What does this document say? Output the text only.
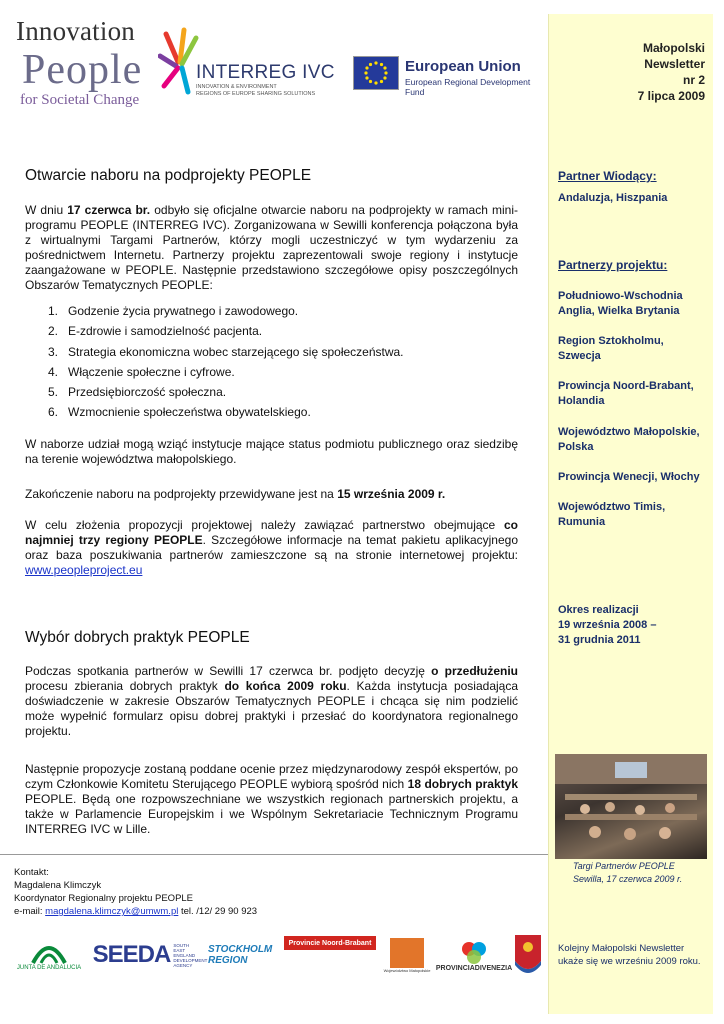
Innovation
People
for Societal Change
INTERREG IVC
INNOVATION & ENVIRONMENT
REGIONS OF EUROPE SHARING SOLUTIONS
European Union
European Regional Development Fund
Małopolski
Newsletter
nr 2
7 lipca 2009
Partner Wiodący:
Andaluzja, Hiszpania
Partnerzy projektu:
Południowo-Wschodnia Anglia, Wielka Brytania
Region Sztokholmu, Szwecja
Prowincja Noord-Brabant, Holandia
Województwo Małopolskie, Polska
Prowincja Wenecji, Włochy
Województwo Timis, Rumunia
Okres realizacji
19 września 2008 –
31 grudnia 2011
Targi Partnerów PEOPLE
Sewilla, 17 czerwca 2009 r.
Kolejny Małopolski Newsletter ukaże się we wrześniu 2009 roku.
Otwarcie naboru na podprojekty PEOPLE

W dniu 17 czerwca br. odbyło się oficjalne otwarcie naboru na podprojekty w ramach mini-programu PEOPLE (INTERREG IVC). Zorganizowana w Sewilli konferencja połączona była z wirtualnymi Targami Partnerów, którzy mogli uczestniczyć w tym wydarzeniu za pośrednictwem Internetu. Partnerzy projektu zaprezentowali swoje regiony i instytucje zaangażowane w PEOPLE. Następnie przedstawiono szczegółowe opisy poszczególnych Obszarów Tematycznych PEOPLE:

1. Godzenie życia prywatnego i zawodowego.
2. E-zdrowie i samodzielność pacjenta.
3. Strategia ekonomiczna wobec starzejącego się społeczeństwa.
4. Włączenie społeczne i cyfrowe.
5. Przedsiębiorczość społeczna.
6. Wzmocnienie społeczeństwa obywatelskiego.

W naborze udział mogą wziąć instytucje mające status podmiotu publicznego oraz siedzibę na terenie województwa małopolskiego.

Zakończenie naboru na podprojekty przewidywane jest na 15 września 2009 r.

W celu złożenia propozycji projektowej należy zawiązać partnerstwo obejmujące co najmniej trzy regiony PEOPLE. Szczegółowe informacje na temat pakietu aplikacyjnego oraz baza poszukiwania partnerów zamieszczone są na stronie internetowej projektu: www.peopleproject.eu

Wybór dobrych praktyk PEOPLE

Podczas spotkania partnerów w Sewilli 17 czerwca br. podjęto decyzję o przedłużeniu procesu zbierania dobrych praktyk do końca 2009 roku. Każda instytucja posiadająca doświadczenie w zakresie Obszarów Tematycznych PEOPLE i chcąca się nim podzielić może wypełnić formularz opisu dobrej praktyki i przesłać do koordynatora regionalnego projektu.

Następnie propozycje zostaną poddane ocenie przez międzynarodowy zespół ekspertów, po czym Członkowie Komitetu Sterującego PEOPLE wybiorą spośród nich 18 dobrych praktyk PEOPLE. Będą one rozpowszechniane we wszystkich regionach partnerskich projektu, a także w Parlamencie Europejskim i we Wspólnym Sekretariacie Technicznym Programu INTERREG IVC w Lille.

Kontakt:
Magdalena Klimczyk
Koordynator Regionalny projektu PEOPLE
e-mail: magdalena.klimczyk@umwm.pl tel. /12/ 29 90 923
JUNTA DE ANDALUCIA SEEDA SOUTH EAST ENGLAND DEVELOPMENT AGENCY
STOCKHOLM REGION
Provincie Noord-Brabant
Województwo Małopolskie PROVINCIADIVENEZIA
